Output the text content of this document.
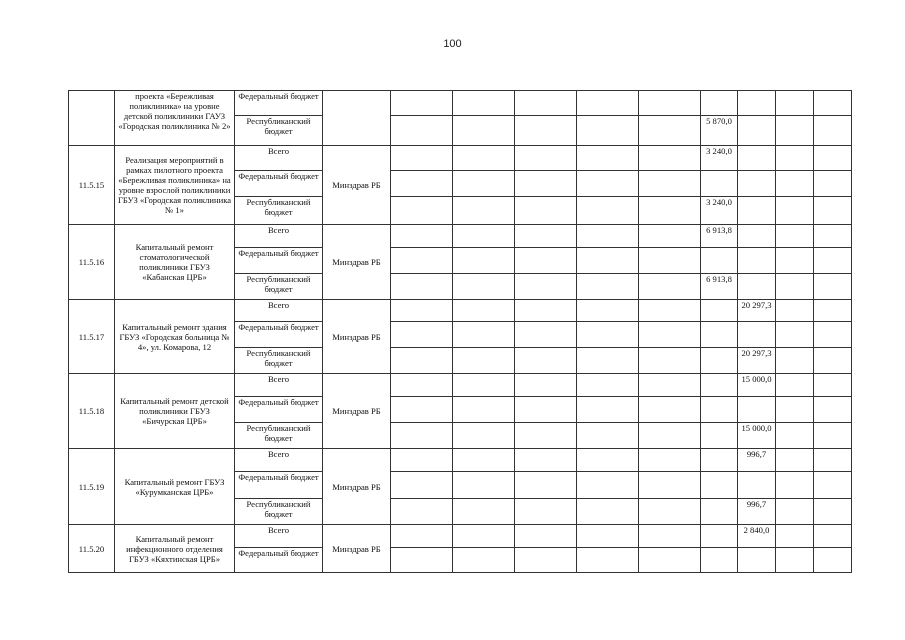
100
	проекта «Бережливая поликлиника» на уровне детской поликлиники ГАУЗ «Городская поликлиника № 2»	Федеральный бюджет										
		Республиканский бюджет							5 870,0			
11.5.15	Реализация мероприятий в рамках пилотного проекта «Бережливая поликлиника» на уровне взрослой поликлиники ГБУЗ «Городская поликлиника № 1»	Всего	Минздрав РБ						3 240,0			
		Федеральный бюджет										
		Республиканский бюджет							3 240,0			
11.5.16	Капитальный ремонт стоматологической поликлиники ГБУЗ «Кабанская ЦРБ»	Всего	Минздрав РБ						6 913,8			
		Федеральный бюджет										
		Республиканский бюджет							6 913,8			
11.5.17	Капитальный ремонт здания ГБУЗ «Городская больница № 4», ул. Комарова, 12	Всего	Минздрав РБ							20 297,3		
		Федеральный бюджет										
		Республиканский бюджет								20 297,3		
11.5.18	Капитальный ремонт детской поликлиники ГБУЗ «Бичурская ЦРБ»	Всего	Минздрав РБ							15 000,0		
		Федеральный бюджет										
		Республиканский бюджет								15 000,0		
11.5.19	Капитальный ремонт ГБУЗ «Курумканская ЦРБ»	Всего	Минздрав РБ							996,7		
		Федеральный бюджет										
		Республиканский бюджет								996,7		
11.5.20	Капитальный ремонт инфекционного отделения ГБУЗ «Кяхтинская ЦРБ»	Всего	Минздрав РБ							2 840,0		
		Федеральный бюджет										
